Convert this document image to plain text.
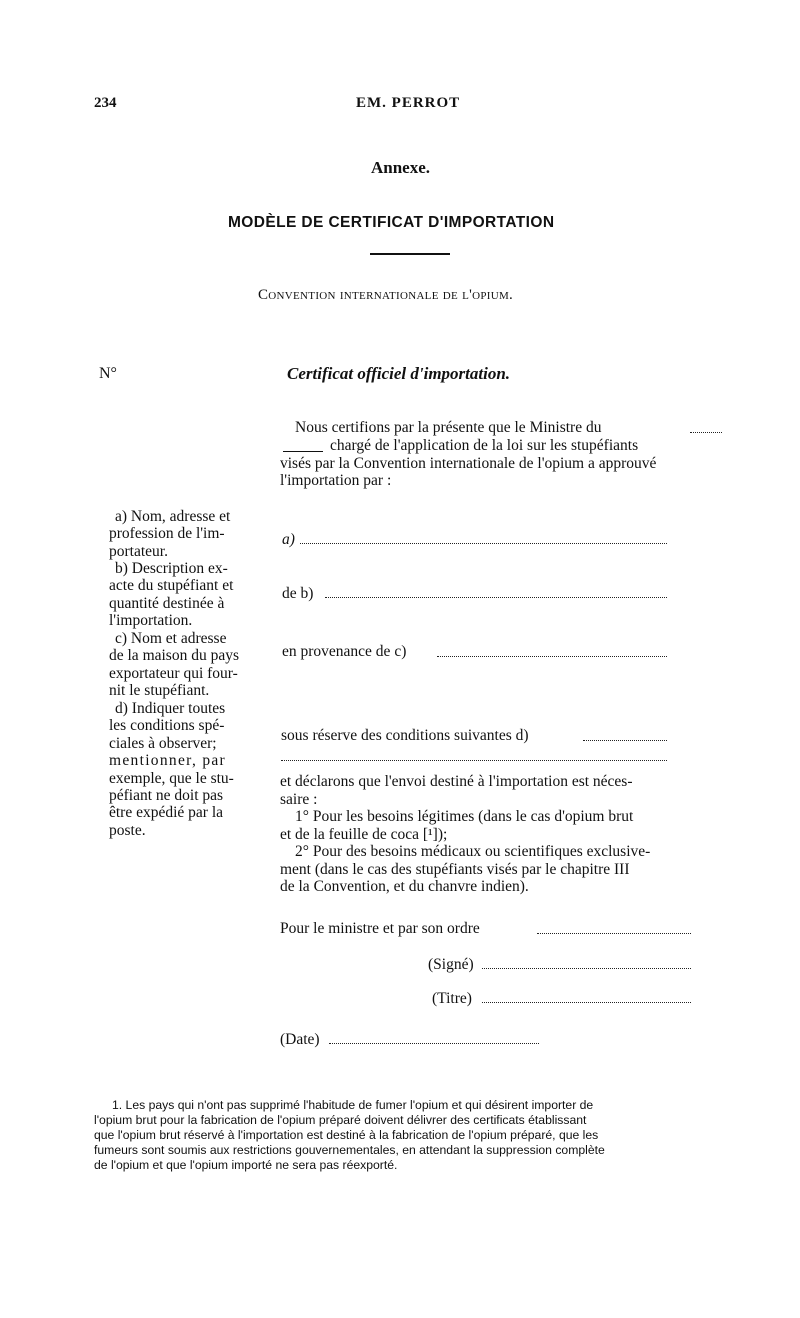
234	EM. PERROT
Annexe.
MODÈLE DE CERTIFICAT D'IMPORTATION
Convention internationale de l'opium.
N°	Certificat officiel d'importation.
Nous certifions par la présente que le Ministre du
chargé de l'application de la loi sur les stupéfiants
visés par la Convention internationale de l'opium a approuvé
l'importation par :
a) Nom, adresse et
profession de l'im-
portateur.
b) Description ex-
acte du stupéfiant et
quantité destinée à
l'importation.
c) Nom et adresse
de la maison du pays
exportateur qui four-
nit le stupéfiant.
d) Indiquer toutes
les conditions spé-
ciales à observer;
mentionner, par
exemple, que le stu-
péfiant ne doit pas
être expédié par la
poste.
a)
de b)
en provenance de c)
sous réserve des conditions suivantes d)
et déclarons que l'envoi destiné à l'importation est néces-
saire :
1° Pour les besoins légitimes (dans le cas d'opium brut
et de la feuille de coca [¹]);
2° Pour des besoins médicaux ou scientifiques exclusive-
ment (dans le cas des stupéfiants visés par le chapitre III
de la Convention, et du chanvre indien).
Pour le ministre et par son ordre
(Signé)
(Titre)
(Date)
1. Les pays qui n'ont pas supprimé l'habitude de fumer l'opium et qui désirent importer de
l'opium brut pour la fabrication de l'opium préparé doivent délivrer des certificats établissant
que l'opium brut réservé à l'importation est destiné à la fabrication de l'opium préparé, que les
fumeurs sont soumis aux restrictions gouvernementales, en attendant la suppression complète
de l'opium et que l'opium importé ne sera pas réexporté.
